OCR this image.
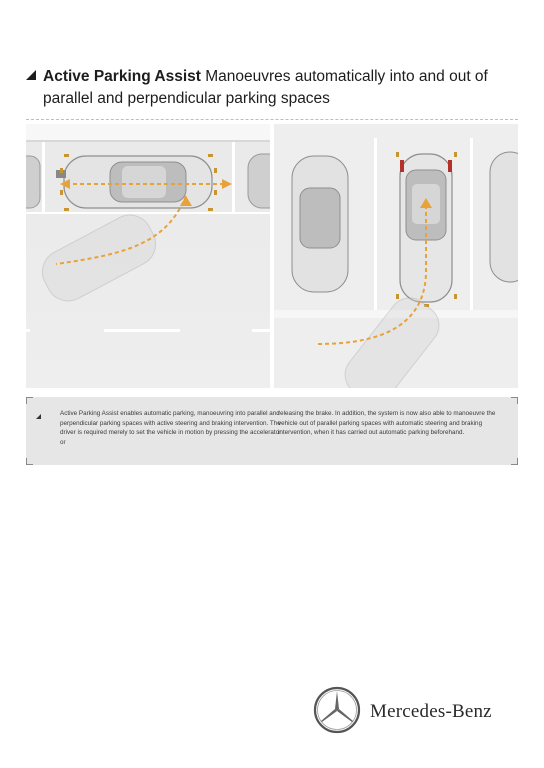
Active Parking Assist Manoeuvres automatically into and out of
parallel and perpendicular parking spaces
Active Parking Assist enables automatic parking, manoeuvring into parallel and perpendicular parking spaces with active steering and braking intervention. The driver is required merely to set the vehicle in motion by pressing the accelerator or
releasing the brake. In addition, the system is now also able to manoeuvre the vehicle out of parallel parking spaces with automatic steering and braking intervention, when it has carried out automatic parking beforehand.
Mercedes-Benz
